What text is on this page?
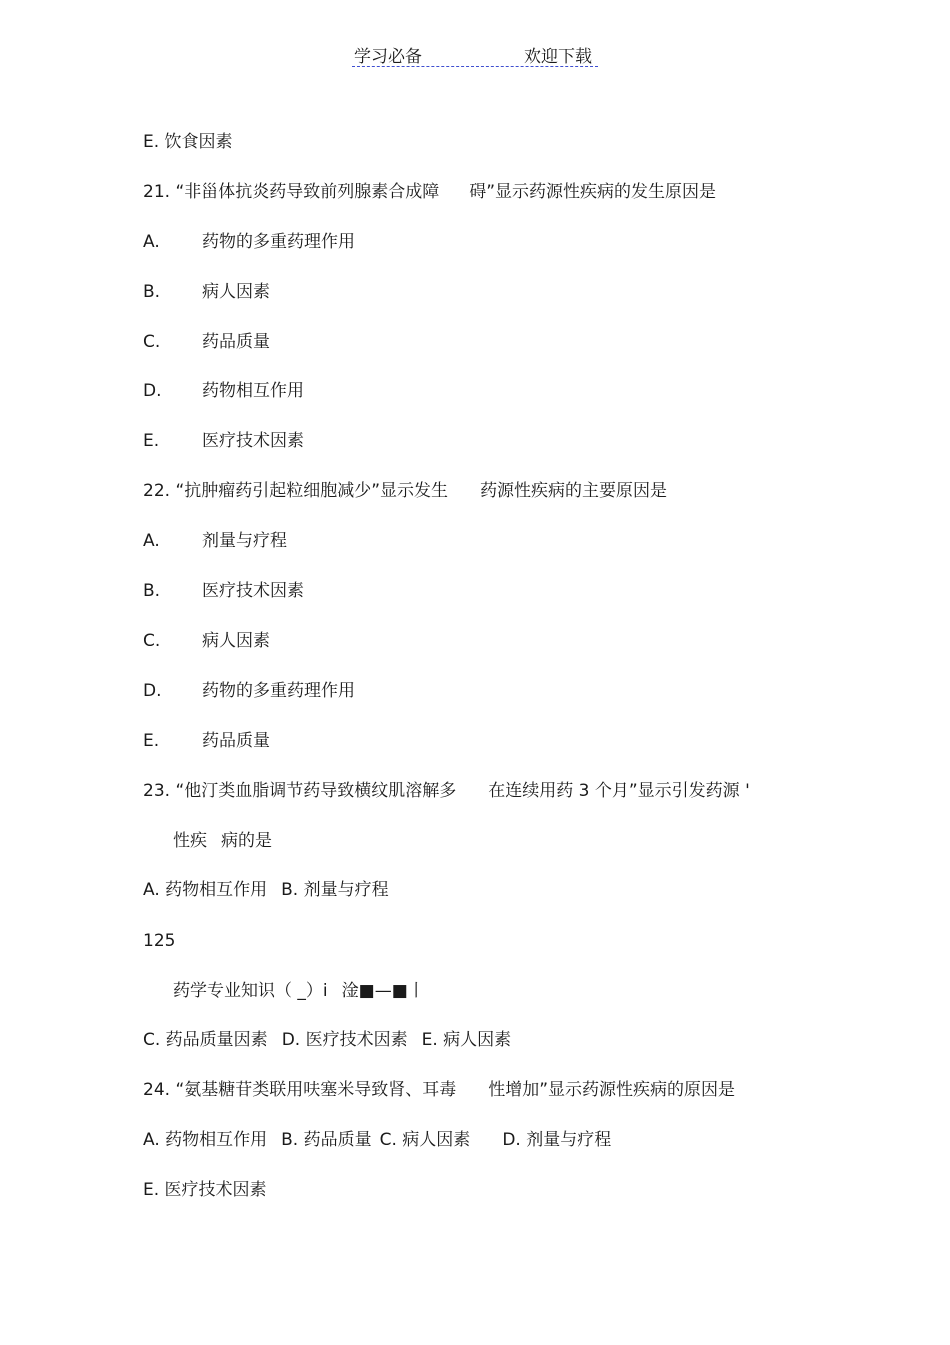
学习必备	欢迎下载
E. 饮食因素
21. “非甾体抗炎药导致前列腺素合成障 碍”显示药源性疾病的发生原因是
A. 药物的多重药理作用
B. 病人因素
C. 药品质量
D. 药物相互作用
E.	医疗技术因素
22. “抗肿瘤药引起粒细胞减少”显示发生 药源性疾病的主要原因是
A. 剂量与疗程
B. 医疗技术因素
C. 病人因素
D. 药物的多重药理作用
E.	药品质量
23. “他汀类血脂调节药导致横纹肌溶解多 在连续用药 3 个月”显示引发药源 '
性疾 病的是
A. 药物相互作用 B. 剂量与疗程
125
药学专业知识（ _）i 淦■—■丨
C. 药品质量因素 D. 医疗技术因素 E. 病人因素
24. “氨基糖苷类联用呋塞米导致肾、耳毒 性增加”显示药源性疾病的原因是
A. 药物相互作用 B. 药品质量 C. 病人因素 D. 剂量与疗程
E. 医疗技术因素
